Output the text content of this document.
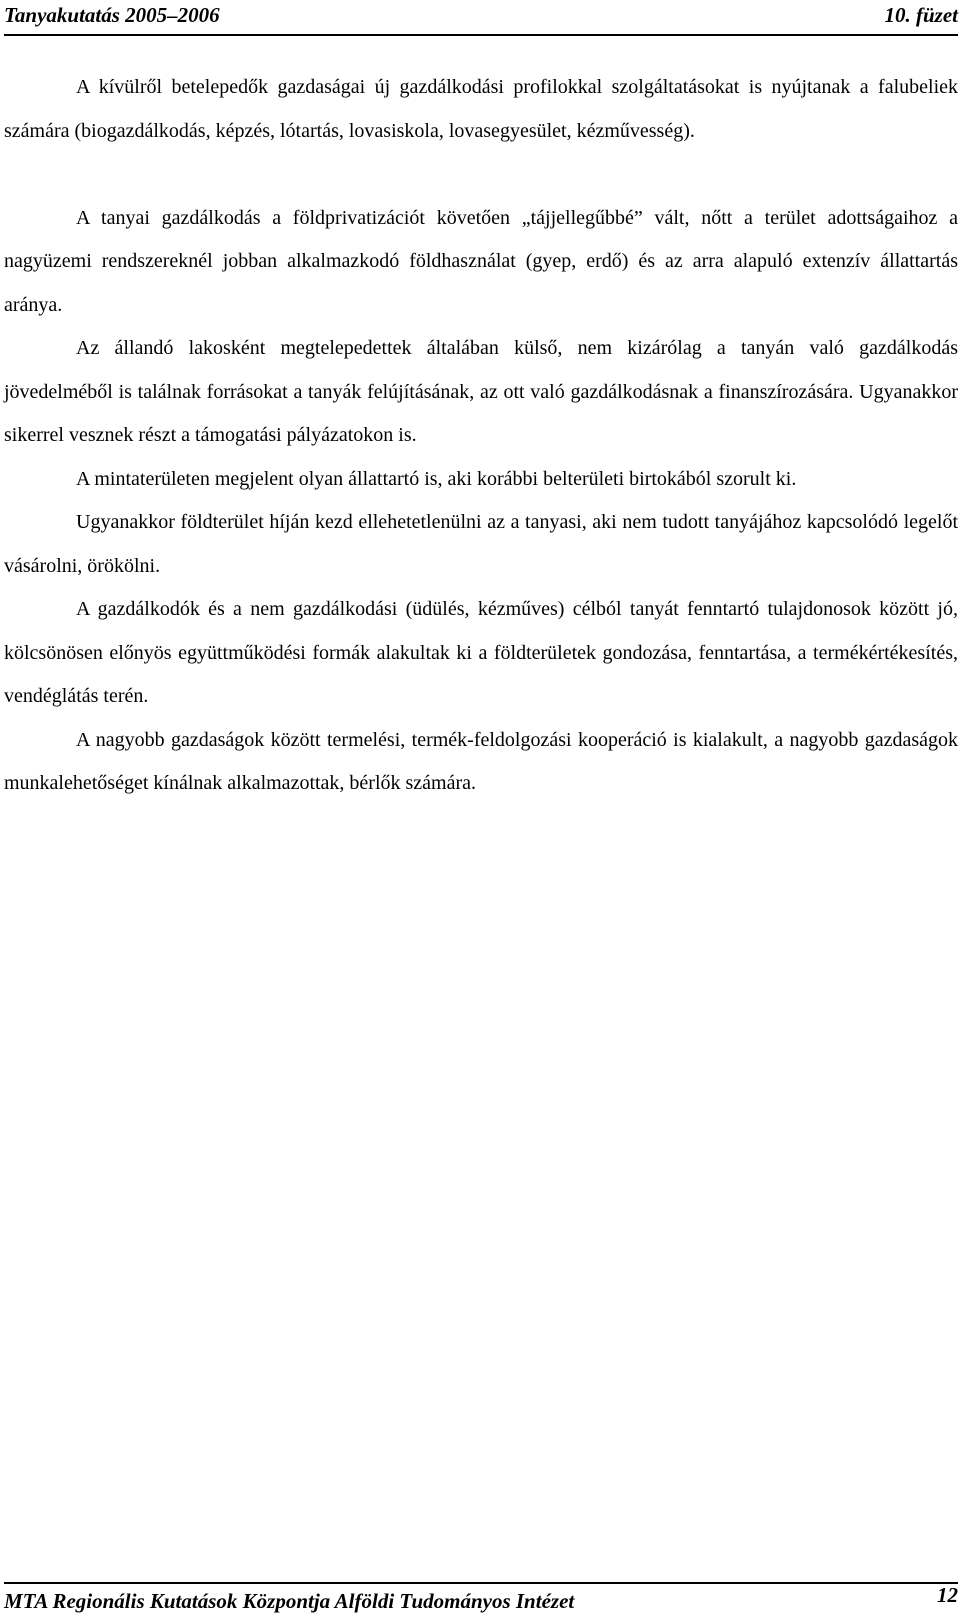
Tanyakutatás 2005–2006	10. füzet

A kívülről betelepedők gazdaságai új gazdálkodási profilokkal szolgáltatásokat is nyújtanak a falubeliek számára (biogazdálkodás, képzés, lótartás, lovasiskola, lovasegyesület, kézművesség).

A tanyai gazdálkodás a földprivatizációt követően „tájjellegűbbé” vált, nőtt a terület adottságaihoz a nagyüzemi rendszereknél jobban alkalmazkodó földhasználat (gyep, erdő) és az arra alapuló extenzív állattartás aránya.

Az állandó lakosként megtelepedettek általában külső, nem kizárólag a tanyán való gazdálkodás jövedelméből is találnak forrásokat a tanyák felújításának, az ott való gazdálkodásnak a finanszírozására. Ugyanakkor sikerrel vesznek részt a támogatási pályázatokon is.

A mintaterületen megjelent olyan állattartó is, aki korábbi belterületi birtokából szorult ki.

Ugyanakkor földterület híján kezd ellehetetlenülni az a tanyasi, aki nem tudott tanyájához kapcsolódó legelőt vásárolni, örökölni.

A gazdálkodók és a nem gazdálkodási (üdülés, kézműves) célból tanyát fenntartó tulajdonosok között jó, kölcsönösen előnyös együttműködési formák alakultak ki a földterületek gondozása, fenntartása, a termékértékesítés, vendéglátás terén.

A nagyobb gazdaságok között termelési, termék-feldolgozási kooperáció is kialakult, a nagyobb gazdaságok munkalehetőséget kínálnak alkalmazottak, bérlők számára.

MTA Regionális Kutatások Központja Alföldi Tudományos Intézet	12
